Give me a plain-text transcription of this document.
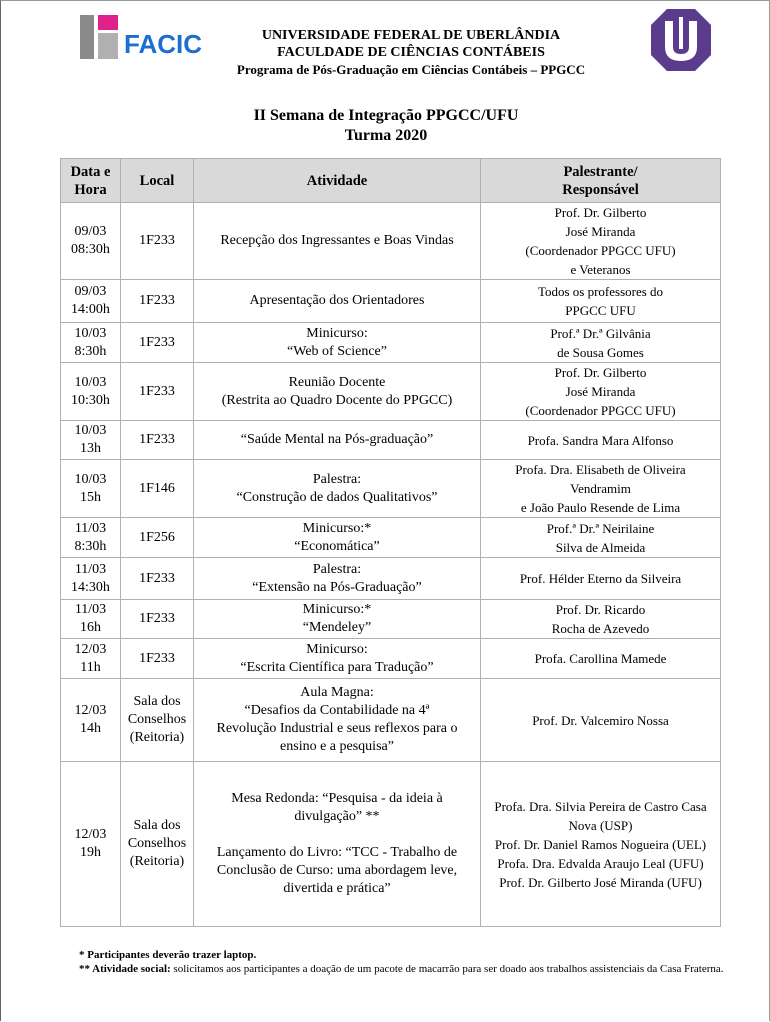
FACIC	UNIVERSIDADE FEDERAL DE UBERLÂNDIA
FACULDADE DE CIÊNCIAS CONTÁBEIS
Programa de Pós-Graduação em Ciências Contábeis – PPGCC
II Semana de Integração PPGCC/UFU
Turma 2020
Data e
Hora	Local	Atividade	Palestrante/
Responsável

09/03
08:30h	1F233	Recepção dos Ingressantes e Boas Vindas	Prof. Dr. Gilberto
José Miranda
(Coordenador PPGCC UFU)
e Veteranos

09/03
14:00h	1F233	Apresentação dos Orientadores	Todos os professores do
PPGCC UFU

10/03
8:30h	1F233	Minicurso:
“Web of Science”	Prof.ª Dr.ª Gilvânia
de Sousa Gomes

10/03
10:30h	1F233	Reunião Docente
(Restrita ao Quadro Docente do PPGCC)	Prof. Dr. Gilberto
José Miranda
(Coordenador PPGCC UFU)

10/03
13h	1F233	“Saúde Mental na Pós-graduação”	Profa. Sandra Mara Alfonso

10/03
15h	1F146	Palestra:
“Construção de dados Qualitativos”	Profa. Dra. Elisabeth de Oliveira
Vendramim
e João Paulo Resende de Lima

11/03
8:30h	1F256	Minicurso:*
“Economática”	Prof.ª Dr.ª Neirilaine
Silva de Almeida

11/03
14:30h	1F233	Palestra:
“Extensão na Pós-Graduação”	Prof. Hélder Eterno da Silveira

11/03
16h	1F233	Minicurso:*
“Mendeley”	Prof. Dr. Ricardo
Rocha de Azevedo

12/03
11h	1F233	Minicurso:
“Escrita Científica para Tradução”	Profa. Carollina Mamede

12/03
14h	Sala dos
Conselhos
(Reitoria)	Aula Magna:
“Desafios da Contabilidade na 4ª
Revolução Industrial e seus reflexos para o
ensino e a pesquisa”	Prof. Dr. Valcemiro Nossa

12/03
19h	Sala dos
Conselhos
(Reitoria)	Mesa Redonda: “Pesquisa - da ideia à
divulgação” **
Lançamento do Livro: “TCC - Trabalho de
Conclusão de Curso: uma abordagem leve,
divertida e prática”	Profa. Dra. Silvia Pereira de Castro Casa
Nova (USP)
Prof. Dr. Daniel Ramos Nogueira (UEL)
Profa. Dra. Edvalda Araujo Leal (UFU)
Prof. Dr. Gilberto José Miranda (UFU)
* Participantes deverão trazer laptop.
** Atividade social: solicitamos aos participantes a doação de um pacote de macarrão para ser doado aos trabalhos assistenciais da Casa Fraterna.
